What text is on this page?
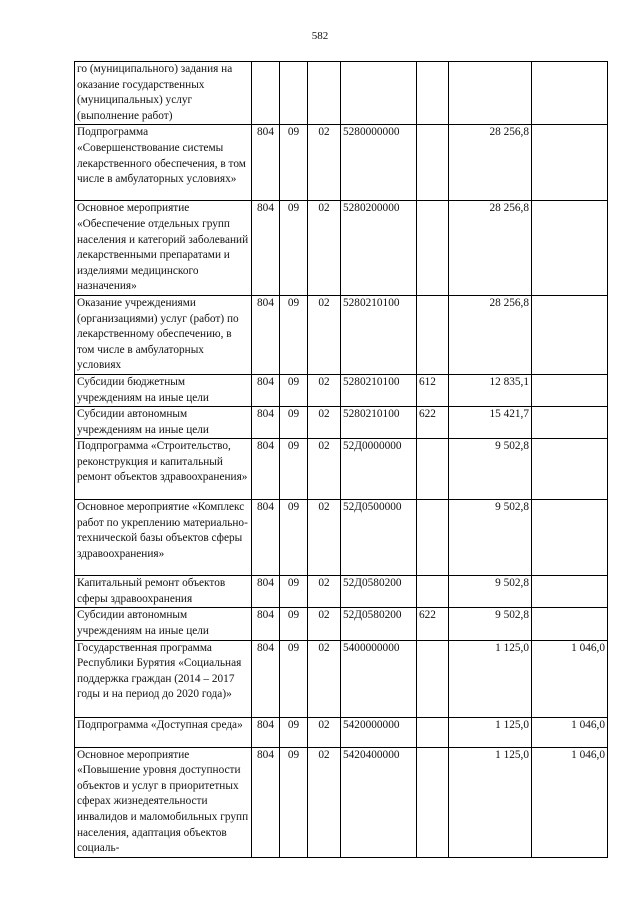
582
го (муниципального) задания на оказание государственных (муниципальных) услуг (выполнение работ)							
Подпрограмма «Совершенствование системы лекарственного обеспечения, в том числе в амбулаторных условиях»	804	09	02	5280000000		28 256,8	
Основное мероприятие «Обеспечение отдельных групп населения и категорий заболеваний лекарственными препаратами и изделиями медицинского назначения»	804	09	02	5280200000		28 256,8	
Оказание учреждениями (организациями) услуг (работ) по лекарственному обеспечению, в том числе в амбулаторных условиях	804	09	02	5280210100		28 256,8	
Субсидии бюджетным учреждениям на иные цели	804	09	02	5280210100	612	12 835,1	
Субсидии автономным учреждениям на иные цели	804	09	02	5280210100	622	15 421,7	
Подпрограмма «Строительство, реконструкция и капитальный ремонт объектов здравоохранения»	804	09	02	52Д0000000		9 502,8	
Основное мероприятие «Комплекс работ по укреплению материально-технической базы объектов сферы здравоохранения»	804	09	02	52Д0500000		9 502,8	
Капитальный ремонт объектов сферы здравоохранения	804	09	02	52Д0580200		9 502,8	
Субсидии автономным учреждениям на иные цели	804	09	02	52Д0580200	622	9 502,8	
Государственная программа Республики Бурятия «Социальная поддержка граждан (2014 – 2017 годы и на период до 2020 года)»	804	09	02	5400000000		1 125,0	1 046,0
Подпрограмма «Доступная среда»	804	09	02	5420000000		1 125,0	1 046,0
Основное мероприятие «Повышение уровня доступности объектов и услуг в приоритетных сферах жизнедеятельности инвалидов и маломобильных групп населения, адаптация объектов социаль-	804	09	02	5420400000		1 125,0	1 046,0
